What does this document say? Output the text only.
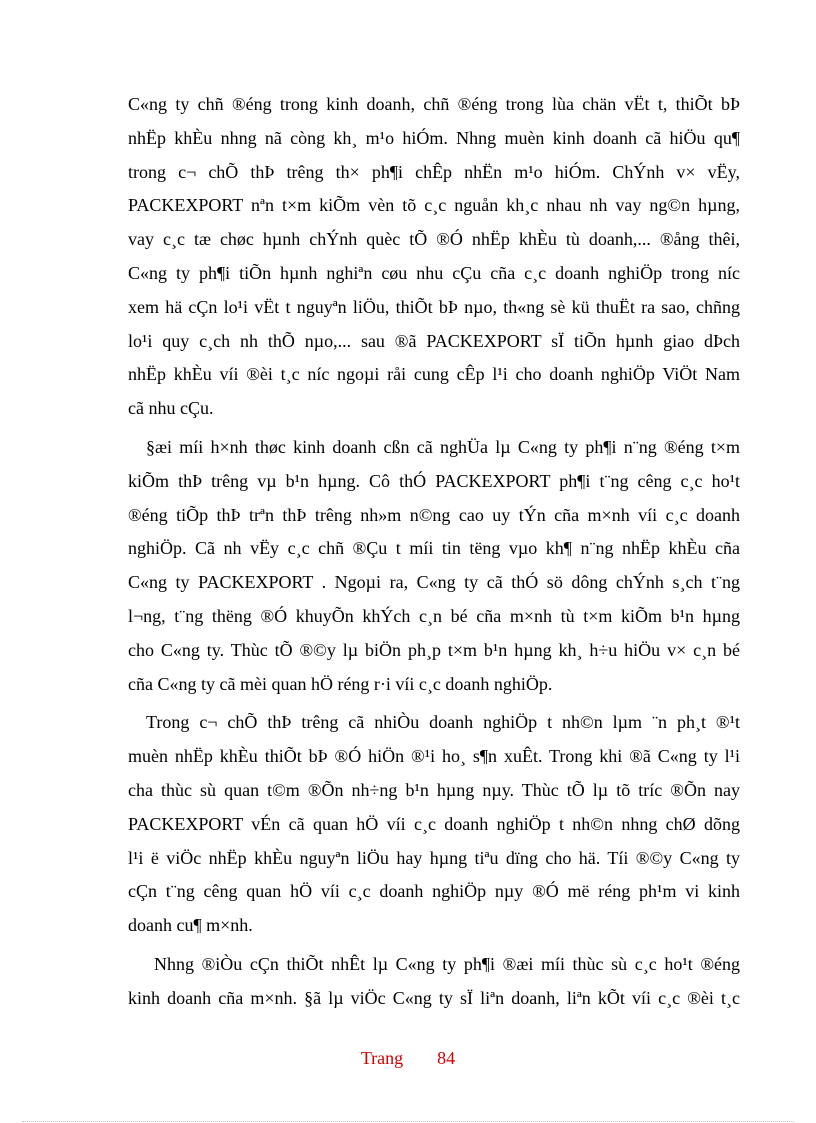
C«ng ty chñ ®éng trong kinh doanh, chñ ®éng trong lùa chän vËt t, thiÕt bÞ
nhËp khÈu nhng nã còng kh¸ m¹o hiÓm. Nhng muèn kinh doanh cã hiÖu qu¶
trong c¬ chÕ thÞ trêng th× ph¶i chÊp nhËn m¹o hiÓm. ChÝnh v× vËy,
PACKEXPORT nªn t×m kiÕm vèn tõ c¸c nguån kh¸c nhau nh vay ng©n hµng,
vay c¸c tæ chøc hµnh chÝnh quèc tÕ ®Ó nhËp khÈu tù doanh,... ®ång thêi,
C«ng ty ph¶i tiÕn hµnh nghiªn cøu nhu cÇu cña c¸c doanh nghiÖp trong níc
xem hä cÇn lo¹i vËt t nguyªn liÖu, thiÕt bÞ nµo, th«ng sè kü thuËt ra sao, chñng
lo¹i quy c¸ch nh thÕ nµo,... sau ®ã PACKEXPORT sÏ tiÕn hµnh giao dÞch
nhËp khÈu víi ®èi t¸c níc ngoµi råi cung cÊp l¹i cho doanh nghiÖp ViÖt Nam
cã nhu cÇu.
§æi míi h×nh thøc kinh doanh cßn cã nghÜa lµ C«ng ty ph¶i n¨ng ®éng t×m
kiÕm thÞ trêng vµ b¹n hµng. Cô thÓ PACKEXPORT ph¶i t¨ng cêng c¸c ho¹t
®éng tiÕp thÞ trªn thÞ trêng nh»m n©ng cao uy tÝn cña m×nh víi c¸c doanh
nghiÖp. Cã nh vËy c¸c chñ ®Çu t míi tin tëng vµo kh¶ n¨ng nhËp khÈu cña
C«ng ty PACKEXPORT . Ngoµi ra, C«ng ty cã thÓ sö dông chÝnh s¸ch t¨ng
l¬ng, t¨ng thëng ®Ó khuyÕn khÝch c¸n bé cña m×nh tù t×m kiÕm b¹n hµng
cho C«ng ty. Thùc tÕ ®©y lµ biÖn ph¸p t×m b¹n hµng kh¸ h÷u hiÖu v× c¸n bé
cña C«ng ty cã mèi quan hÖ réng r·i víi c¸c doanh nghiÖp.
Trong c¬ chÕ thÞ trêng cã nhiÒu doanh nghiÖp t nh©n lµm ¨n ph¸t ®¹t
muèn nhËp khÈu thiÕt bÞ ®Ó hiÖn ®¹i ho¸ s¶n xuÊt. Trong khi ®ã C«ng ty l¹i
cha thùc sù quan t©m ®Õn nh÷ng b¹n hµng nµy. Thùc tÕ lµ tõ tríc ®Õn nay
PACKEXPORT vÉn cã quan hÖ víi c¸c doanh nghiÖp t nh©n nhng chØ dõng
l¹i ë viÖc nhËp khÈu nguyªn liÖu hay hµng tiªu dïng cho hä. Tíi ®©y C«ng ty
cÇn t¨ng cêng quan hÖ víi c¸c doanh nghiÖp nµy ®Ó më réng ph¹m vi kinh
doanh cu¶ m×nh.
Nhng ®iÒu cÇn thiÕt nhÊt lµ C«ng ty ph¶i ®æi míi thùc sù c¸c ho¹t ®éng
kinh doanh cña m×nh. §ã lµ viÖc C«ng ty sÏ liªn doanh, liªn kÕt víi c¸c ®èi t¸c
Trang 84
